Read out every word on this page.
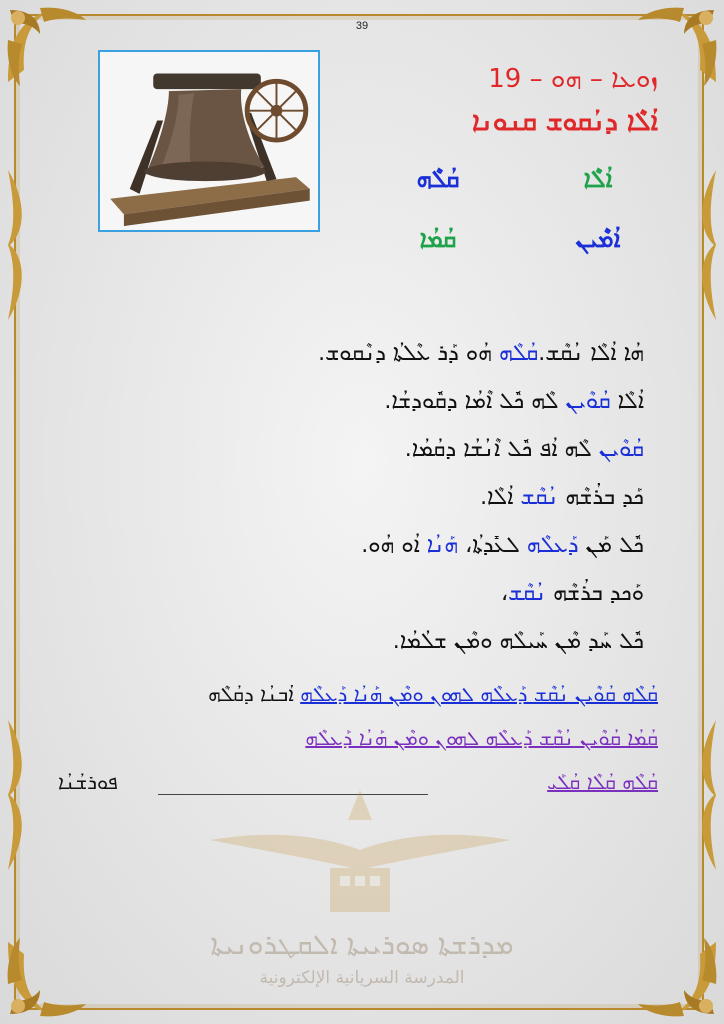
39
ܙܘܥܐ – ܗܘ – 19
ܐܳܠܶܐ ܕܢܳܩܘܫ ܩܢܘܢܐ
ܐܳܠܶܐ
ܩܳܠܶܗ
ܐܳܡܶܝܢ
ܩܳܡܳܐ
ܗܳܐ ܐܳܠܶܐ ܢܳܩܶܫ.ܩܳܠܶܗ ܗܳܘ ܕܰܪ ܥܶܠܬܳܐ ܕܢܶܩܘܫ.
ܐܳܠܶܐ ܩܳܘܶܝܢ ܠܶܗ ܟܽܠ ܐܶܡܳܐ ܕܩܽܘܕܫܳܐ.
ܩܳܘܶܝܢ ܠܶܗ ܐܳܦ ܟܽܠ ܐܶܢܳܫܳܐ ܕܩܳܡܳܐ.
ܟܰܕ ܒܪܳܫܶܗ ܢܳܩܶܫ ܐܳܠܶܐ.
ܟܽܠ ܡܰܢ ܕܰܥܠܶܗ ܠܥܺܕܬܳܐ، ܗܰܢܳܐ ܐܳܘ ܗܳܘ.
ܘܰܟܕ ܒܪܳܫܶܗ ܢܳܩܶܫ،
ܟܽܠ ܚܰܕ ܡܶܢ ܚܰܝܠܶܗ ܘܡܶܢ ܫܠܳܡܳܐ.
ܩܳܠܶܗ ܩܳܘܶܝܢ ܢܳܩܶܫ ܕܰܥܠܶܗ ܠܗܘܢ ܘܡܶܢ ܗܰܢܳܐ ܕܰܥܠܶܗ ܐܳܒܢܳܐ ܕܩܳܠܶܗ
ܩܳܡܳܐ ܩܳܘܶܝܢ ܢܳܩܶܫ ܕܰܥܠܶܗ ܠܗܘܢ ܘܡܶܢ ܗܰܢܳܐ ܕܰܥܠܶܗ
ܩܳܠܶܗ ܩܳܠܶܐ ܩܳܠܰܝ
ܦܘܪܫܳܢܳܐ
ܡܕܪܫܬܐ ܣܘܪܝܝܬܐ ܐܠܩܛܪܘܢܝܬܐ
المدرسة السريانية الإلكترونية
